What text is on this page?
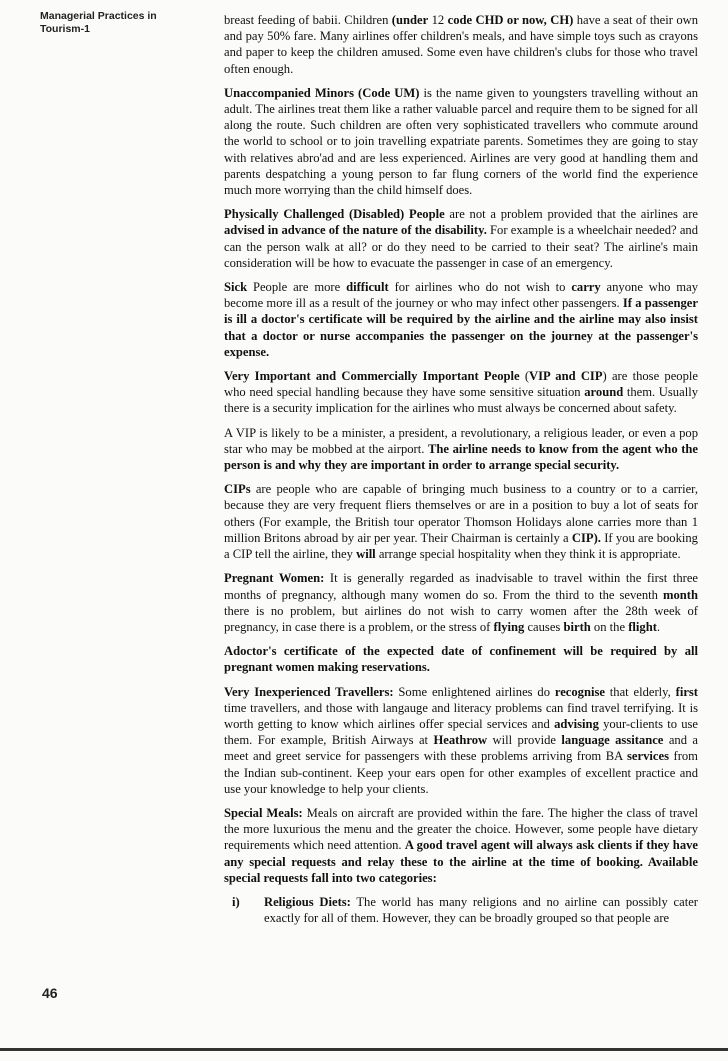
Managerial Practices in
Tourism-1

breast feeding of babii. Children (under 12 code CHD or now, CH) have a seat of their own and pay 50% fare. Many airlines offer children's meals, and have simple toys such as crayons and paper to keep the children amused. Some even have children's clubs for those who travel often enough.

Unaccompanied Minors (Code UM) is the name given to youngsters travelling without an adult. The airlines treat them like a rather valuable parcel and require them to be signed for all along the route. Such children are often very sophisticated travellers who commute around the world to school or to join travelling expatriate parents. Sometimes they are going to stay with relatives abro'ad and are less experienced. Airlines are very good at handling them and parents despatching a young person to far flung corners of the world find the experience much more worrying than the child himself does.

Physically Challenged (Disabled) People are not a problem provided that the airlines are advised in advance of the nature of the disability. For example is a wheelchair needed? and can the person walk at all? or do they need to be carried to their seat? The airline's main consideration will be how to evacuate the passenger in case of an emergency.

Sick People are more difficult for airlines who do not wish to carry anyone who may become more ill as a result of the journey or who may infect other passengers. If a passenger is ill a doctor's certificate will be required by the airline and the airline may also insist that a doctor or nurse accompanies the passenger on the journey at the passenger's expense.

Very Important and Commercially Important People (VIP and CIP) are those people who need special handling because they have some sensitive situation around them. Usually there is a security implication for the airlines who must always be concerned about safety.

A VIP is likely to be a minister, a president, a revolutionary, a religious leader, or even a pop star who may be mobbed at the airport. The airline needs to know from the agent who the person is and why they are important in order to arrange special security.

CIPs are people who are capable of bringing much business to a country or to a carrier, because they are very frequent fliers themselves or are in a position to buy a lot of seats for others (For example, the British tour operator Thomson Holidays alone carries more than 1 million Britons abroad by air per year. Their Chairman is certainly a CIP). If you are booking a CIP tell the airline, they will arrange special hospitality when they think it is appropriate.

Pregnant Women: It is generally regarded as inadvisable to travel within the first three months of pregnancy, although many women do so. From the third to the seventh month there is no problem, but airlines do not wish to carry women after the 28th week of pregnancy, in case there is a problem, or the stress of flying causes birth on the flight.

Adoctor's certificate of the expected date of confinement will be required by all pregnant women making reservations.

Very Inexperienced Travellers: Some enlightened airlines do recognise that elderly, first time travellers, and those with langauge and literacy problems can find travel terrifying. It is worth getting to know which airlines offer special services and advising your-clients to use them. For example, British Airways at Heathrow will provide language assitance and a meet and greet service for passengers with these problems arriving from BA services from the Indian sub-continent. Keep your ears open for other examples of excellent practice and use your knowledge to help your clients.

Special Meals: Meals on aircraft are provided within the fare. The higher the class of travel the more luxurious the menu and the greater the choice. However, some people have dietary requirements which need attention. A good travel agent will always ask clients if they have any special requests and relay these to the airline at the time of booking. Available special requests fall into two categories:

i)	Religious Diets: The world has many religions and no airline can possibly cater exactly for all of them. However, they can be broadly grouped so that people are
46
